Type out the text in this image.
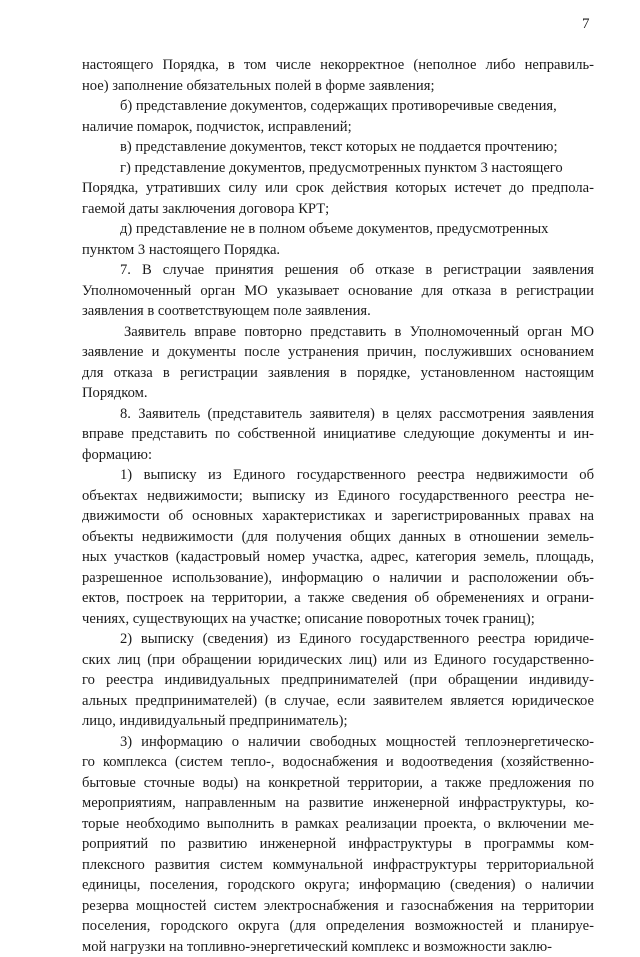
7
настоящего Порядка, в том числе некорректное (неполное либо неправиль-
ное) заполнение обязательных полей в форме заявления;
б) представление документов, содержащих противоречивые сведения,
наличие помарок, подчисток, исправлений;
в) представление документов, текст которых не поддается прочтению;
г) представление документов, предусмотренных пунктом 3 настоящего
Порядка, утративших силу или срок действия которых истечет до предпола-
гаемой даты заключения договора КРТ;
д) представление не в полном объеме документов, предусмотренных
пунктом 3 настоящего Порядка.
7. В случае принятия решения об отказе в регистрации заявления
Уполномоченный орган МО указывает основание для отказа в регистрации
заявления в соответствующем поле заявления.
Заявитель вправе повторно представить в Уполномоченный орган МО
заявление и документы после устранения причин, послуживших основанием
для отказа в регистрации заявления в порядке, установленном настоящим
Порядком.
8. Заявитель (представитель заявителя) в целях рассмотрения заявления
вправе представить по собственной инициативе следующие документы и ин-
формацию:
1) выписку из Единого государственного реестра недвижимости об
объектах недвижимости; выписку из Единого государственного реестра не-
движимости об основных характеристиках и зарегистрированных правах на
объекты недвижимости (для получения общих данных в отношении земель-
ных участков (кадастровый номер участка, адрес, категория земель, площадь,
разрешенное использование), информацию о наличии и расположении объ-
ектов, построек на территории, а также сведения об обременениях и ограни-
чениях, существующих на участке; описание поворотных точек границ);
2) выписку (сведения) из Единого государственного реестра юридиче-
ских лиц (при обращении юридических лиц) или из Единого государственно-
го реестра индивидуальных предпринимателей (при обращении индивиду-
альных предпринимателей) (в случае, если заявителем является юридическое
лицо, индивидуальный предприниматель);
3) информацию о наличии свободных мощностей теплоэнергетическо-
го комплекса (систем тепло-, водоснабжения и водоотведения (хозяйственно-
бытовые сточные воды) на конкретной территории, а также предложения по
мероприятиям, направленным на развитие инженерной инфраструктуры, ко-
торые необходимо выполнить в рамках реализации проекта, о включении ме-
роприятий по развитию инженерной инфраструктуры в программы ком-
плексного развития систем коммунальной инфраструктуры территориальной
единицы, поселения, городского округа; информацию (сведения) о наличии
резерва мощностей систем электроснабжения и газоснабжения на территории
поселения, городского округа (для определения возможностей и планируе-
мой нагрузки на топливно-энергетический комплекс и возможности заклю-
